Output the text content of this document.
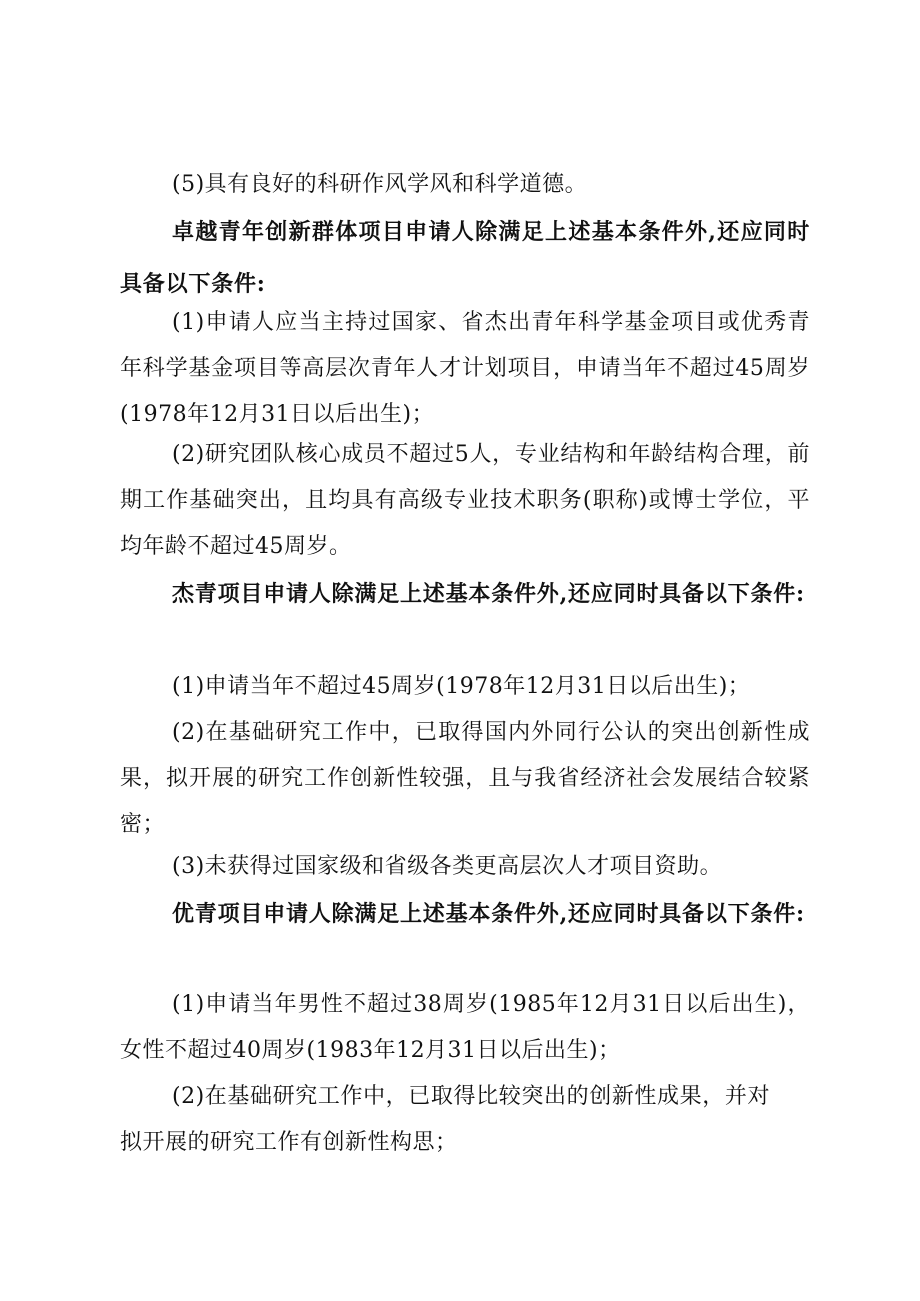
(5)具有良好的科研作风学风和科学道德。

卓越青年创新群体项目申请人除满足上述基本条件外,还应同时具备以下条件:

(1)申请人应当主持过国家、省杰出青年科学基金项目或优秀青年科学基金项目等高层次青年人才计划项目，申请当年不超过45周岁(1978年12月31日以后出生)；

(2)研究团队核心成员不超过5人，专业结构和年龄结构合理，前期工作基础突出，且均具有高级专业技术职务(职称)或博士学位，平均年龄不超过45周岁。

杰青项目申请人除满足上述基本条件外,还应同时具备以下条件:

(1)申请当年不超过45周岁(1978年12月31日以后出生)；

(2)在基础研究工作中，已取得国内外同行公认的突出创新性成果，拟开展的研究工作创新性较强，且与我省经济社会发展结合较紧密；

(3)未获得过国家级和省级各类更高层次人才项目资助。

优青项目申请人除满足上述基本条件外,还应同时具备以下条件:

(1)申请当年男性不超过38周岁(1985年12月31日以后出生)，女性不超过40周岁(1983年12月31日以后出生)；

(2)在基础研究工作中，已取得比较突出的创新性成果，并对拟开展的研究工作有创新性构思；
